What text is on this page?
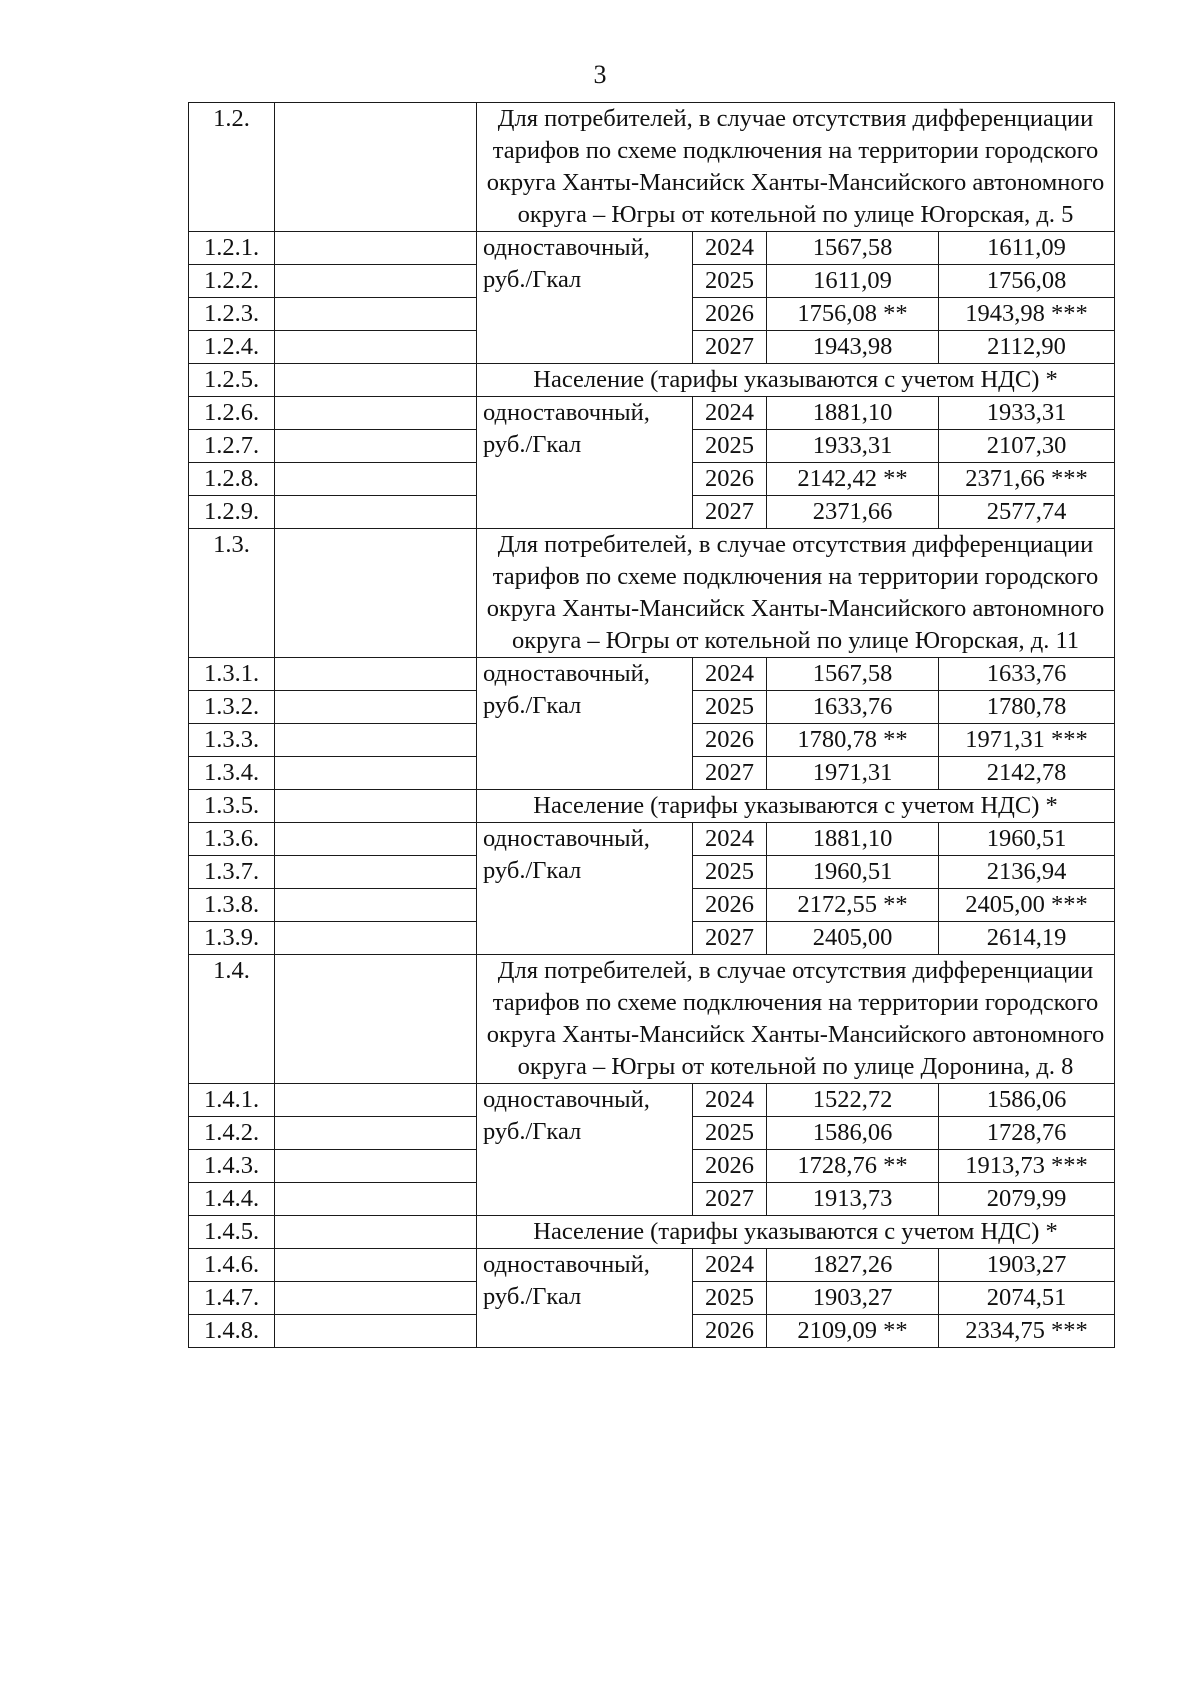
3
1.2.		Для потребителей, в случае отсутствия дифференциации тарифов по схеме подключения на территории городского округа Ханты-Мансийск Ханты-Мансийского автономного округа – Югры от котельной по улице Югорская, д. 5			
1.2.1.		одноставочный, руб./Гкал	2024	1567,58	1611,09
1.2.2.			2025	1611,09	1756,08
1.2.3.			2026	1756,08 **	1943,98 ***
1.2.4.			2027	1943,98	2112,90
1.2.5.		Население (тарифы указываются с учетом НДС) *			
1.2.6.		одноставочный, руб./Гкал	2024	1881,10	1933,31
1.2.7.			2025	1933,31	2107,30
1.2.8.			2026	2142,42 **	2371,66 ***
1.2.9.			2027	2371,66	2577,74
1.3.		Для потребителей, в случае отсутствия дифференциации тарифов по схеме подключения на территории городского округа Ханты-Мансийск Ханты-Мансийского автономного округа – Югры от котельной по улице Югорская, д. 11			
1.3.1.		одноставочный, руб./Гкал	2024	1567,58	1633,76
1.3.2.			2025	1633,76	1780,78
1.3.3.			2026	1780,78 **	1971,31 ***
1.3.4.			2027	1971,31	2142,78
1.3.5.		Население (тарифы указываются с учетом НДС) *			
1.3.6.		одноставочный, руб./Гкал	2024	1881,10	1960,51
1.3.7.			2025	1960,51	2136,94
1.3.8.			2026	2172,55 **	2405,00 ***
1.3.9.			2027	2405,00	2614,19
1.4.		Для потребителей, в случае отсутствия дифференциации тарифов по схеме подключения на территории городского округа Ханты-Мансийск Ханты-Мансийского автономного округа – Югры от котельной по улице Доронина, д. 8			
1.4.1.		одноставочный, руб./Гкал	2024	1522,72	1586,06
1.4.2.			2025	1586,06	1728,76
1.4.3.			2026	1728,76 **	1913,73 ***
1.4.4.			2027	1913,73	2079,99
1.4.5.		Население (тарифы указываются с учетом НДС) *			
1.4.6.		одноставочный, руб./Гкал	2024	1827,26	1903,27
1.4.7.			2025	1903,27	2074,51
1.4.8.			2026	2109,09 **	2334,75 ***
